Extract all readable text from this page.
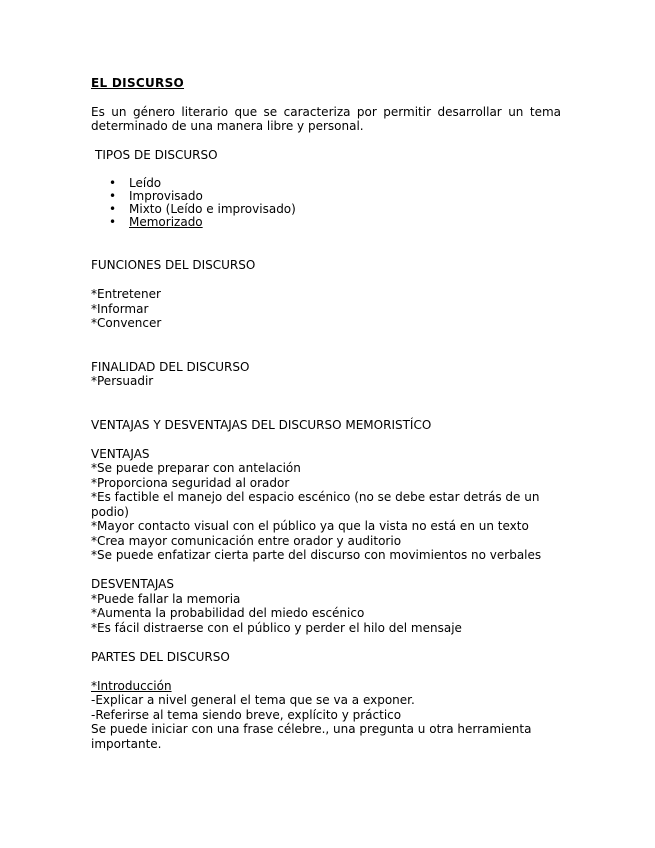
EL DISCURSO

Es un género literario que se caracteriza por permitir desarrollar un tema determinado de una manera libre y personal.

TIPOS DE DISCURSO
• Leído
• Improvisado
• Mixto (Leído e improvisado)
• Memorizado
FUNCIONES DEL DISCURSO
*Entretener
*Informar
*Convencer
FINALIDAD DEL DISCURSO
*Persuadir
VENTAJAS Y DESVENTAJAS DEL DISCURSO MEMORISTÍCO
VENTAJAS
*Se puede preparar con antelación
*Proporciona seguridad al orador
*Es factible el manejo del espacio escénico (no se debe estar detrás de un podio)
*Mayor contacto visual con el público ya que la vista no está en un texto
*Crea mayor comunicación entre orador y auditorio
*Se puede enfatizar cierta parte del discurso con movimientos no verbales
DESVENTAJAS
*Puede fallar la memoria
*Aumenta la probabilidad del miedo escénico
*Es fácil distraerse con el público y perder el hilo del mensaje
PARTES DEL DISCURSO
*Introducción
-Explicar a nivel general el tema que se va a exponer.
-Referirse al tema siendo breve, explícito y práctico
Se puede iniciar con una frase célebre., una pregunta u otra herramienta importante.
